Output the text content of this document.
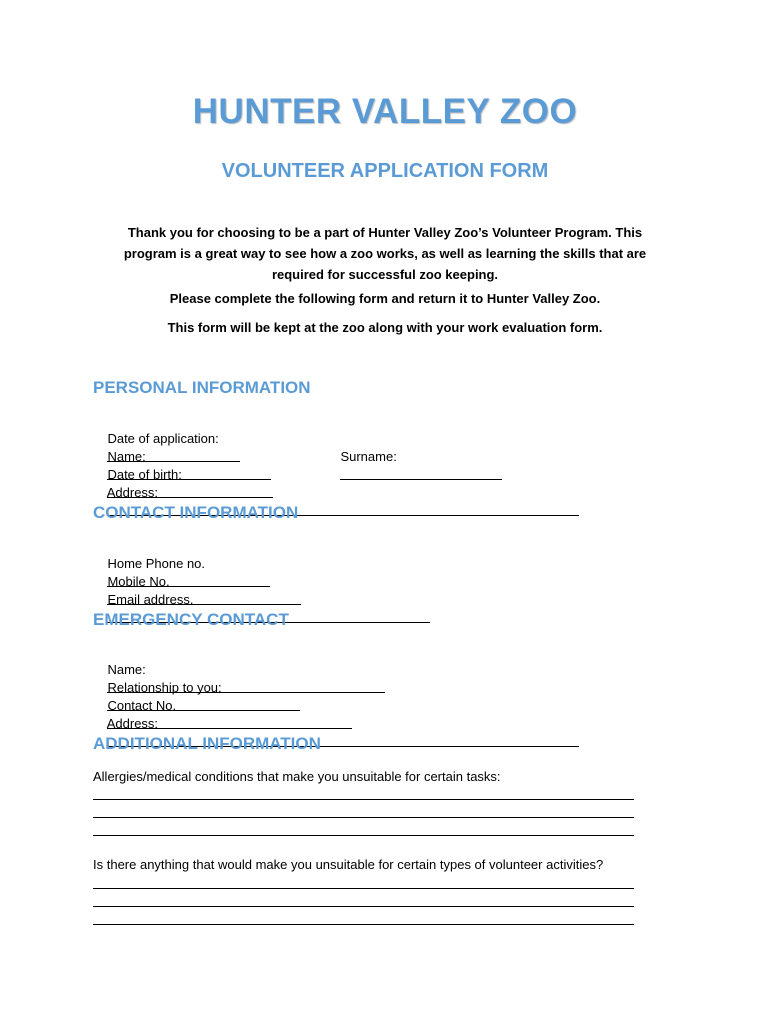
HUNTER VALLEY ZOO
VOLUNTEER APPLICATION FORM
Thank you for choosing to be a part of Hunter Valley Zoo’s Volunteer Program. This program is a great way to see how a zoo works, as well as learning the skills that are required for successful zoo keeping.
Please complete the following form and return it to Hunter Valley Zoo.
This form will be kept at the zoo along with your work evaluation form.
PERSONAL INFORMATION

Date of application:

Name:

	Surname:

Date of birth:

Address:

CONTACT INFORMATION

Home Phone no.

Mobile No.

Email address.

EMERGENCY CONTACT

Name:

Relationship to you:

Contact No.

Address:

ADDITIONAL INFORMATION
Allergies/medical conditions that make you unsuitable for certain tasks:
Is there anything that would make you unsuitable for certain types of volunteer activities?
